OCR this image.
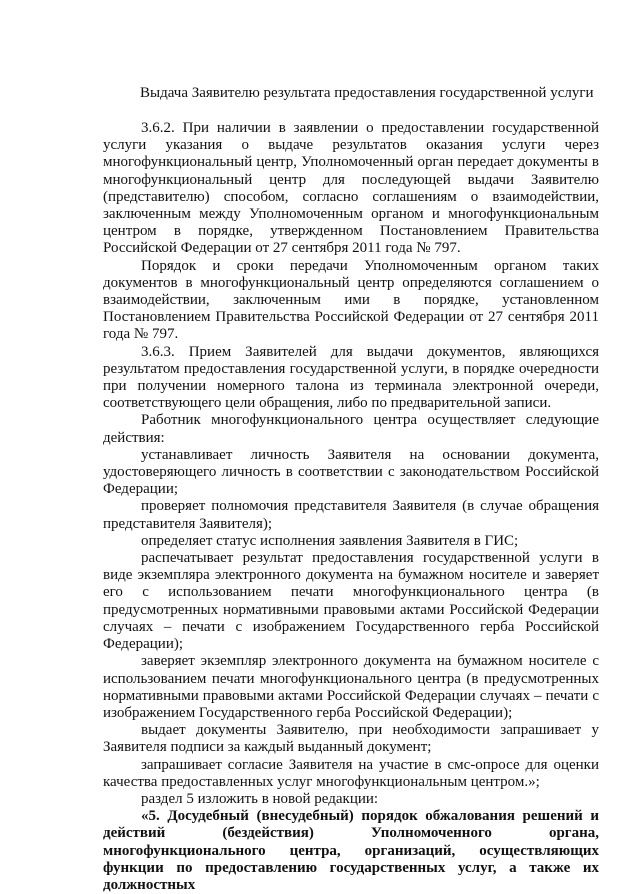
Выдача Заявителю результата предоставления государственной услуги

3.6.2. При наличии в заявлении о предоставлении государственной услуги указания о выдаче результатов оказания услуги через многофункциональный центр, Уполномоченный орган передает документы в многофункциональный центр для последующей выдачи Заявителю (представителю) способом, согласно соглашениям о взаимодействии, заключенным между Уполномоченным органом и многофункциональным центром в порядке, утвержденном Постановлением Правительства Российской Федерации от 27 сентября 2011 года № 797.

Порядок и сроки передачи Уполномоченным органом таких документов в многофункциональный центр определяются соглашением о взаимодействии, заключенным ими в порядке, установленном Постановлением Правительства Российской Федерации от 27 сентября 2011 года № 797.

3.6.3. Прием Заявителей для выдачи документов, являющихся результатом предоставления государственной услуги, в порядке очередности при получении номерного талона из терминала электронной очереди, соответствующего цели обращения, либо по предварительной записи.

Работник многофункционального центра осуществляет следующие действия:

устанавливает личность Заявителя на основании документа, удостоверяющего личность в соответствии с законодательством Российской Федерации;

проверяет полномочия представителя Заявителя (в случае обращения представителя Заявителя);

определяет статус исполнения заявления Заявителя в ГИС;

распечатывает результат предоставления государственной услуги в виде экземпляра электронного документа на бумажном носителе и заверяет его с использованием печати многофункционального центра (в предусмотренных нормативными правовыми актами Российской Федерации случаях – печати с изображением Государственного герба Российской Федерации);

заверяет экземпляр электронного документа на бумажном носителе с использованием печати многофункционального центра (в предусмотренных нормативными правовыми актами Российской Федерации случаях – печати с изображением Государственного герба Российской Федерации);

выдает документы Заявителю, при необходимости запрашивает у Заявителя подписи за каждый выданный документ;

запрашивает согласие Заявителя на участие в смс-опросе для оценки качества предоставленных услуг многофункциональным центром.»;

раздел 5 изложить в новой редакции:

«5. Досудебный (внесудебный) порядок обжалования решений и действий (бездействия) Уполномоченного органа, многофункционального центра, организаций, осуществляющих функции по предоставлению государственных услуг, а также их должностных
